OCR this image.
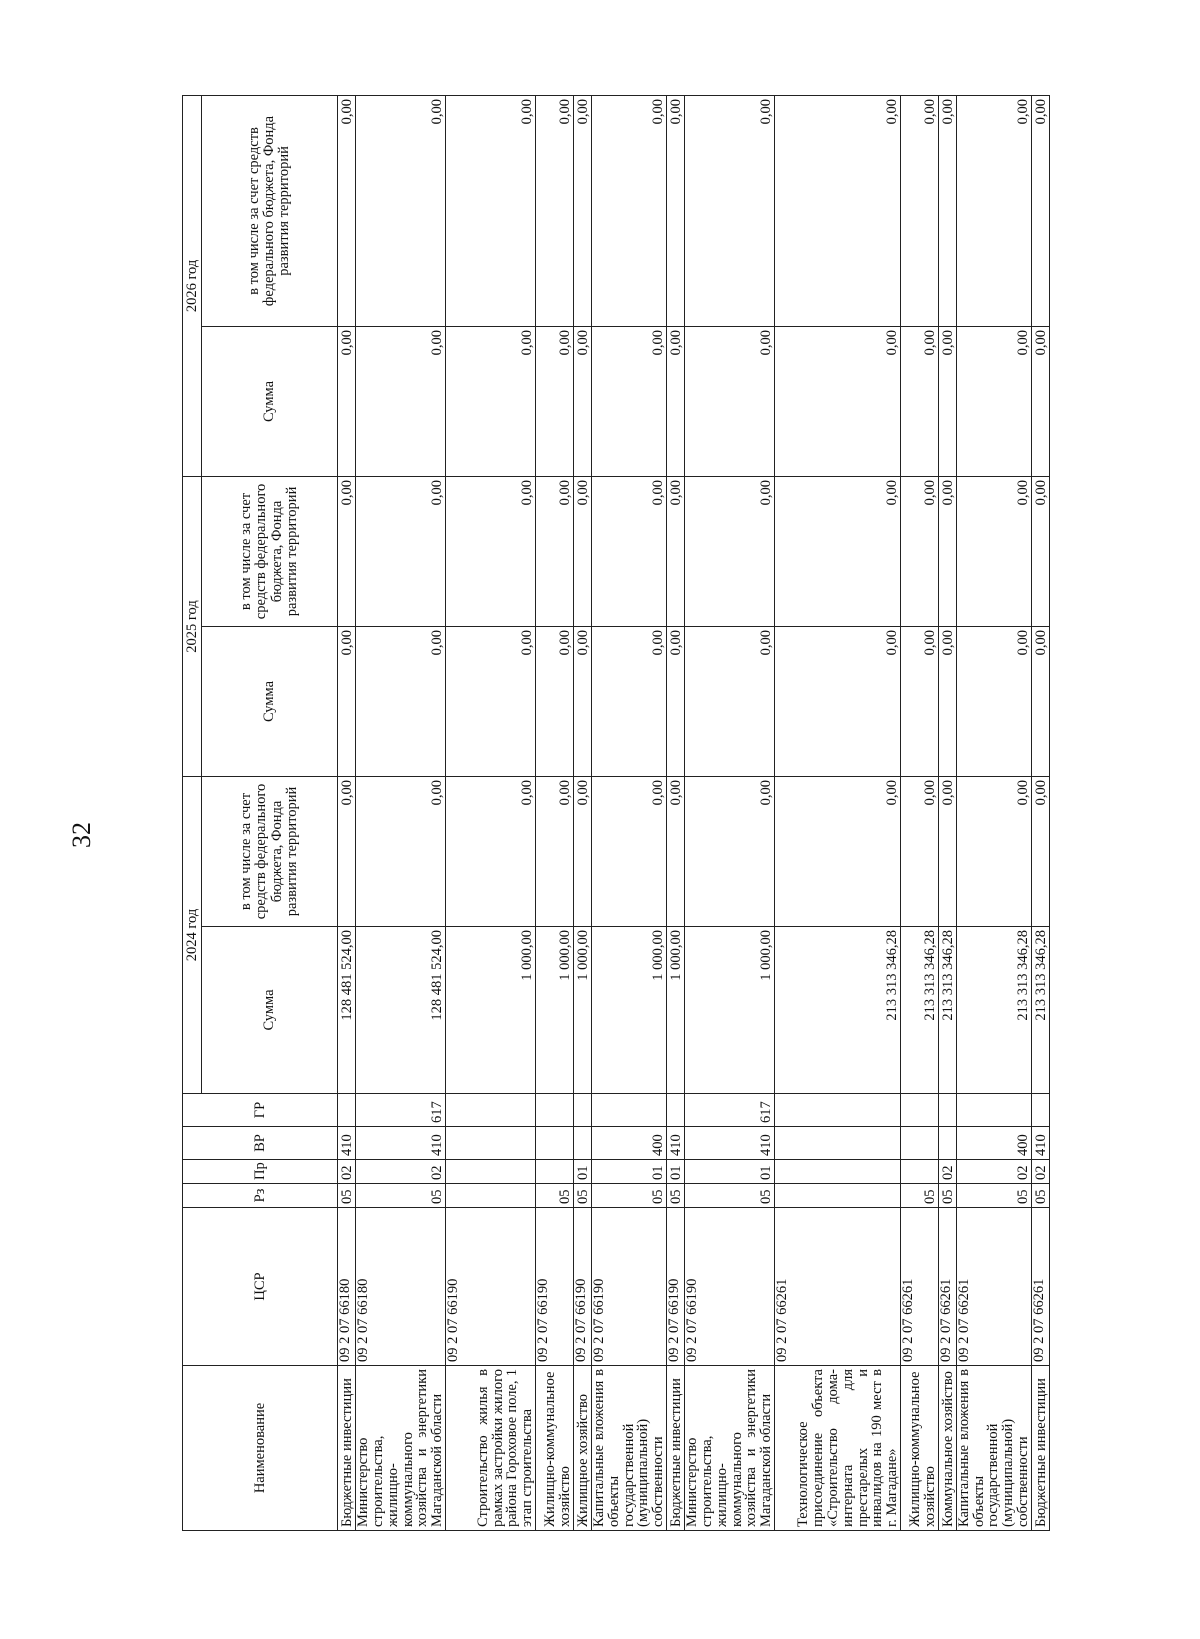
32
Наименование	ЦСР	Рз	Пр	ВР	ГР	2024 год		2025 год		2026 год	
						Сумма	в том числе за счет средств федерального бюджета, Фонда развития территорий	Сумма	в том числе за счет средств федерального бюджета, Фонда развития территорий	Сумма	в том числе за счет средств федерального бюджета, Фонда развития территорий
Бюджетные инвестиции	09 2 07 66180	05	02	410		128 481 524,00	0,00	0,00	0,00	0,00	0,00
Министерство строительства, жилищно-коммунального хозяйства и энергетики Магаданской области	09 2 07 66180	05	02	410	617	128 481 524,00	0,00	0,00	0,00	0,00	0,00
Строительство жилья в рамках застройки жилого района Гороховое поле, 1 этап строительства	09 2 07 66190					1 000,00	0,00	0,00	0,00	0,00	0,00
Жилищно-коммунальное хозяйство	09 2 07 66190	05				1 000,00	0,00	0,00	0,00	0,00	0,00
Жилищное хозяйство	09 2 07 66190	05	01			1 000,00	0,00	0,00	0,00	0,00	0,00
Капитальные вложения в объекты государственной (муниципальной) собственности	09 2 07 66190	05	01	400		1 000,00	0,00	0,00	0,00	0,00	0,00
Бюджетные инвестиции	09 2 07 66190	05	01	410		1 000,00	0,00	0,00	0,00	0,00	0,00
Министерство строительства, жилищно-коммунального хозяйства и энергетики Магаданской области	09 2 07 66190	05	01	410	617	1 000,00	0,00	0,00	0,00	0,00	0,00
Технологическое присоединение объекта «Строительство дома-интерната для престарелых и инвалидов на 190 мест в г. Магадане»	09 2 07 66261					213 313 346,28	0,00	0,00	0,00	0,00	0,00
Жилищно-коммунальное хозяйство	09 2 07 66261	05				213 313 346,28	0,00	0,00	0,00	0,00	0,00
Коммунальное хозяйство	09 2 07 66261	05	02			213 313 346,28	0,00	0,00	0,00	0,00	0,00
Капитальные вложения в объекты государственной (муниципальной) собственности	09 2 07 66261	05	02	400		213 313 346,28	0,00	0,00	0,00	0,00	0,00
Бюджетные инвестиции	09 2 07 66261	05	02	410		213 313 346,28	0,00	0,00	0,00	0,00	0,00
